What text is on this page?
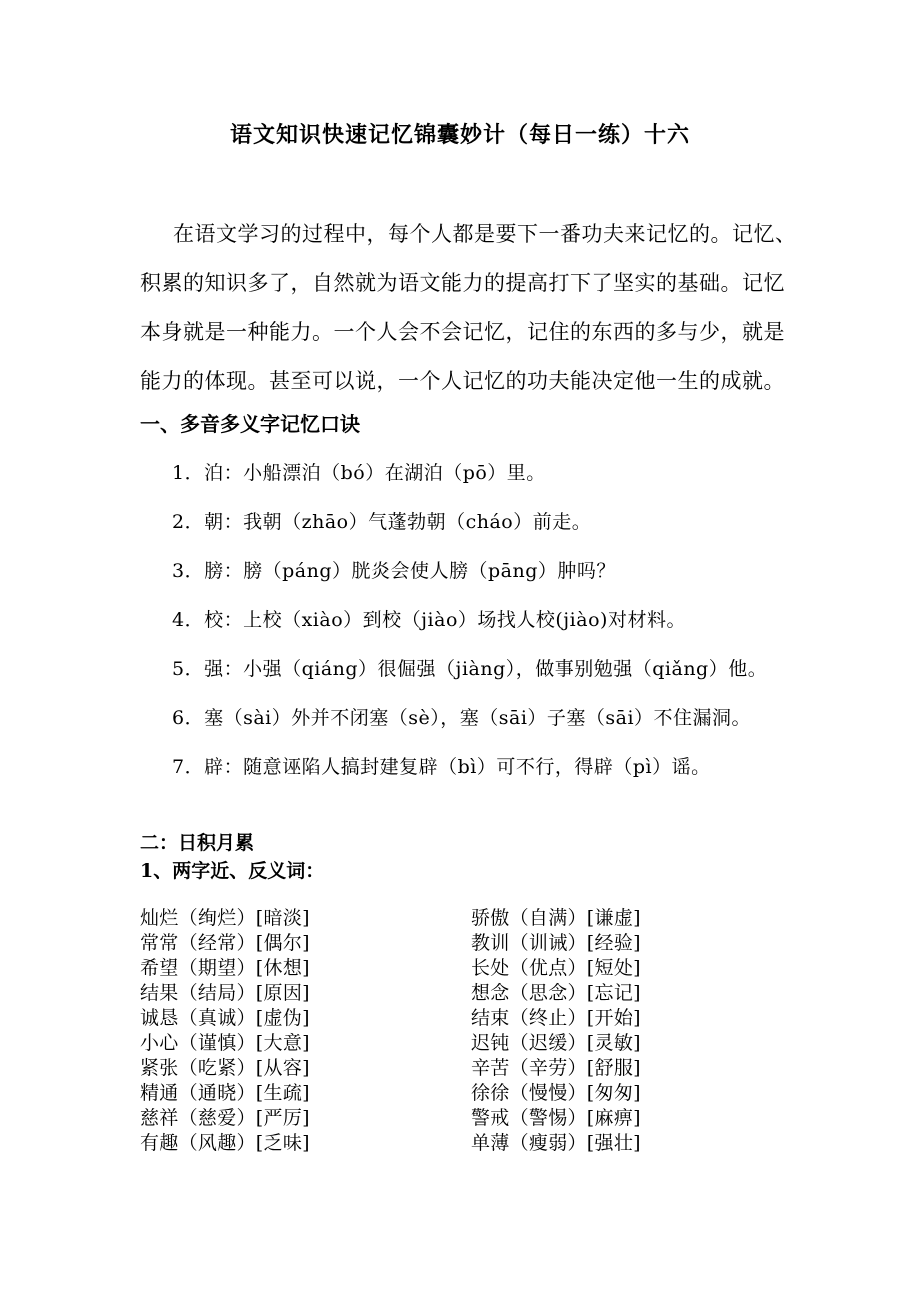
语文知识快速记忆锦囊妙计（每日一练）十六

在语文学习的过程中，每个人都是要下一番功夫来记忆的。记忆、积累的知识多了，自然就为语文能力的提高打下了坚实的基础。记忆本身就是一种能力。一个人会不会记忆，记住的东西的多与少，就是能力的体现。甚至可以说，一个人记忆的功夫能决定他一生的成就。

一、多音多义字记忆口诀
1．泊：小船漂泊（bó）在湖泊（pō）里。
2．朝：我朝（zhāo）气蓬勃朝（cháo）前走。
3．膀：膀（páng）胱炎会使人膀（pāng）肿吗？
4．校：上校（xiào）到校（jiào）场找人校(jiào)对材料。
5．强：小强（qiáng）很倔强（jiàng），做事别勉强（qiǎng）他。
6．塞（sài）外并不闭塞（sè），塞（sāi）子塞（sāi）不住漏洞。
7．辟：随意诬陷人搞封建复辟（bì）可不行，得辟（pì）谣。
二：日积月累
1、两字近、反义词：
灿烂（绚烂）[暗淡]
常常（经常）[偶尔]
希望（期望）[休想]
结果（结局）[原因]
诚恳（真诚）[虚伪]
小心（谨慎）[大意]
紧张（吃紧）[从容]
精通（通晓）[生疏]
慈祥（慈爱）[严厉]
有趣（风趣）[乏味]
骄傲（自满）[谦虚]
教训（训诫）[经验]
长处（优点）[短处]
想念（思念）[忘记]
结束（终止）[开始]
迟钝（迟缓）[灵敏]
辛苦（辛劳）[舒服]
徐徐（慢慢）[匆匆]
警戒（警惕）[麻痹]
单薄（瘦弱）[强壮]
